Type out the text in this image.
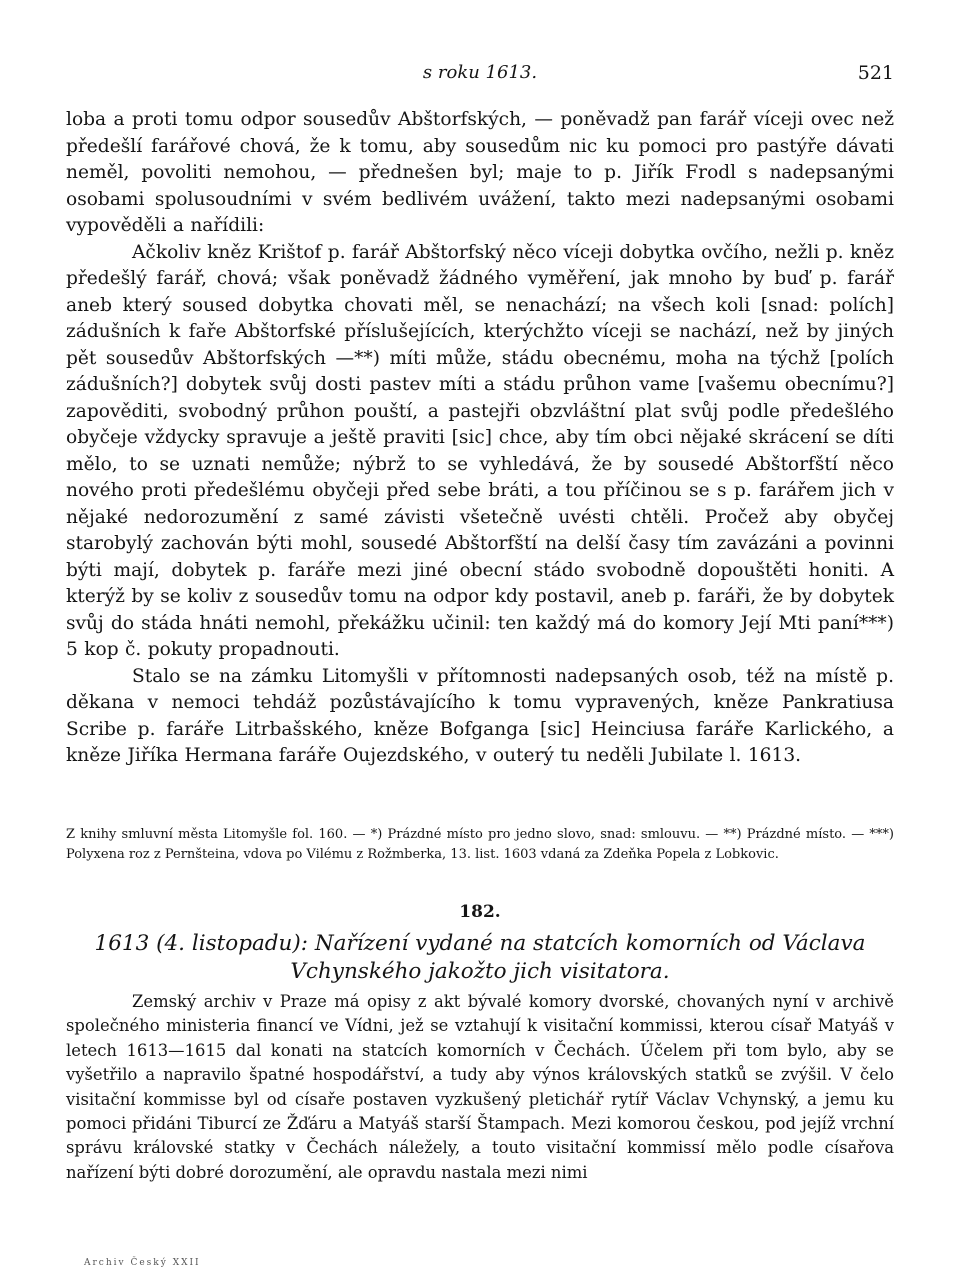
s roku 1613.	521

loba a proti tomu odpor sousedův Abštorfských, — poněvadž pan farář víceji ovec než předešlí farářové chová, že k tomu, aby sousedům nic ku pomoci pro pastýře dávati neměl, povoliti nemohou, — přednešen byl; maje to p. Jiřík Frodl s nadepsanými osobami spolusoudními v svém bedlivém uvážení, takto mezi nadepsanými osobami vypověděli a nařídili:

Ačkoliv kněz Krištof p. farář Abštorfský něco víceji dobytka ovčího, nežli p. kněz předešlý farář, chová; však poněvadž žádného vyměření, jak mnoho by buď p. farář aneb který soused dobytka chovati měl, se nenachází; na všech koli [snad: polích] zádušních k faře Abštorfské příslušejících, kterýchžto víceji se nachází, než by jiných pět sousedův Abštorfských —**) míti může, stádu obecnému, moha na týchž [polích zádušních?] dobytek svůj dosti pastev míti a stádu průhon vame [vašemu obecnímu?] zapověditi, svobodný průhon pouští, a pastejři obzvláštní plat svůj podle předešlého obyčeje vždycky spravuje a ještě praviti [sic] chce, aby tím obci nějaké skrácení se díti mělo, to se uznati nemůže; nýbrž to se vyhledává, že by sousedé Abštorfští něco nového proti předešlému obyčeji před sebe bráti, a tou příčinou se s p. farářem jich v nějaké nedorozumění z samé závisti všetečně uvésti chtěli. Pročež aby obyčej starobylý zachován býti mohl, sousedé Abštorfští na delší časy tím zavázáni a povinni býti mají, dobytek p. faráře mezi jiné obecní stádo svobodně dopouštěti honiti. A kterýž by se koliv z sousedův tomu na odpor kdy postavil, aneb p. faráři, že by dobytek svůj do stáda hnáti nemohl, překážku učinil: ten každý má do komory Její Mti paní***) 5 kop č. pokuty propadnouti.

Stalo se na zámku Litomyšli v přítomnosti nadepsaných osob, též na místě p. děkana v nemoci tehdáž pozůstávajícího k tomu vypravených, kněze Pankratiusa Scribe p. faráře Litrbašského, kněze Bofganga [sic] Heinciusa faráře Karlického, a kněze Jiříka Hermana faráře Oujezdského, v outerý tu neděli Jubilate l. 1613.

Z knihy smluvní města Litomyšle fol. 160. — *) Prázdné místo pro jedno slovo, snad: smlouvu. — **) Prázdné místo. — ***) Polyxena roz z Pernšteina, vdova po Vilému z Rožmberka, 13. list. 1603 vdaná za Zdeňka Popela z Lobkovic.
182.
1613 (4. listopadu): Nařízení vydané na statcích komorních od Václava Vchynského jakožto jich visitatora.

Zemský archiv v Praze má opisy z akt bývalé komory dvorské, chovaných nyní v archivě společného ministeria financí ve Vídni, jež se vztahují k visitační kommissi, kterou císař Matyáš v letech 1613—1615 dal konati na statcích komorních v Čechách. Účelem při tom bylo, aby se vyšetřilo a napravilo špatné hospodářství, a tudy aby výnos královských statků se zvýšil. V čelo visitační kommisse byl od císaře postaven vyzkušený pletichář rytíř Václav Vchynský, a jemu ku pomoci přidáni Tiburcí ze Žďáru a Matyáš starší Štampach. Mezi komorou českou, pod jejíž vrchní správu královské statky v Čechách náležely, a touto visitační kommissí mělo podle císařova nařízení býti dobré dorozumění, ale opravdu nastala mezi nimi

Archiv Český XXII
